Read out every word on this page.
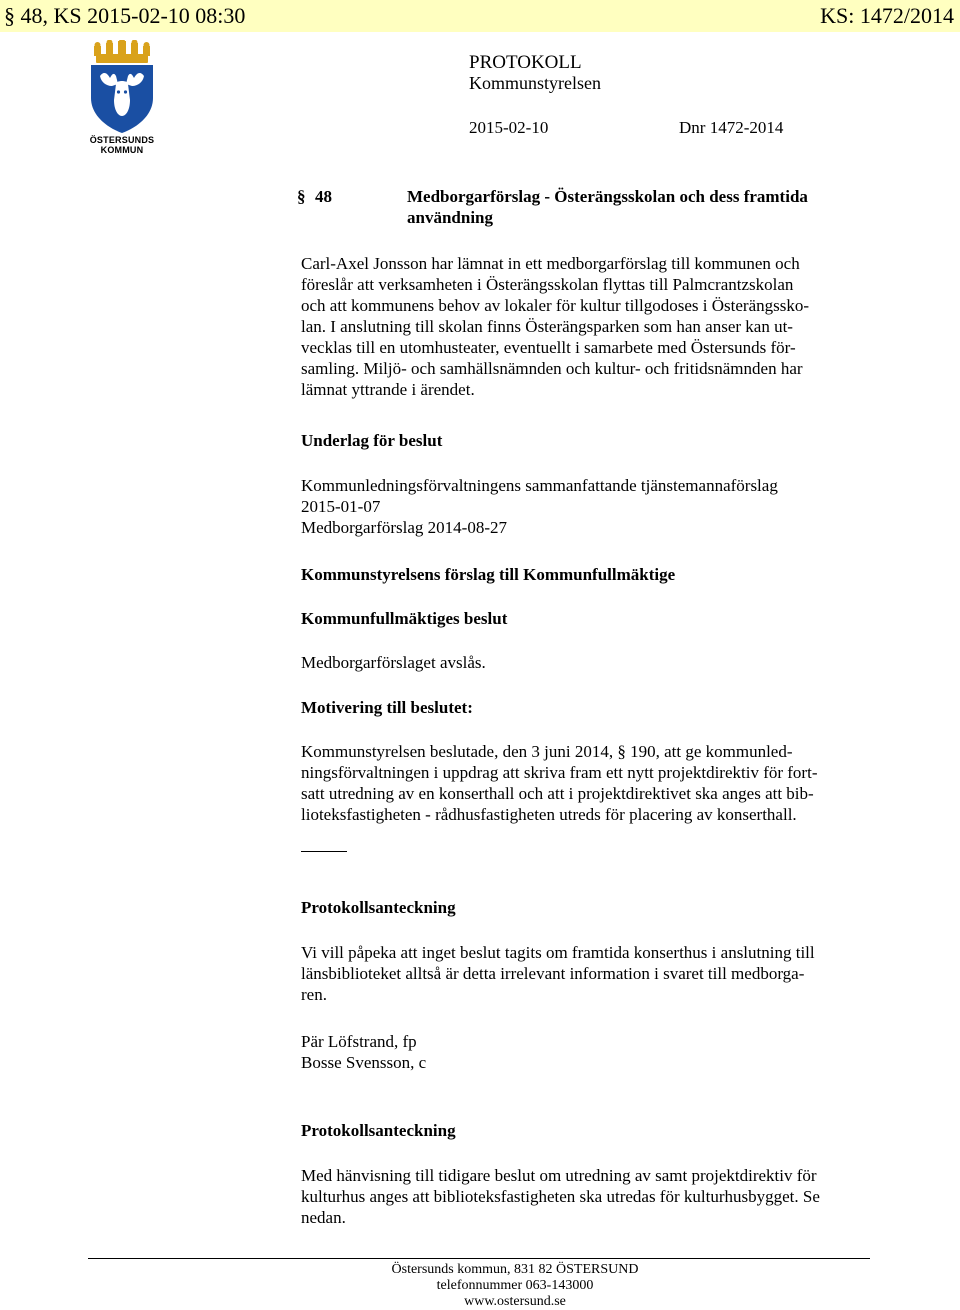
§ 48, KS 2015-02-10 08:30	KS: 1472/2014
ÖSTERSUNDS
KOMMUN
PROTOKOLL
Kommunstyrelsen
2015-02-10	Dnr 1472-2014
§ 48	Medborgarförslag - Österängsskolan och dess framtida användning

Carl-Axel Jonsson har lämnat in ett medborgarförslag till kommunen och

föreslår att verksamheten i Österängsskolan flyttas till Palmcrantzskolan

och att kommunens behov av lokaler för kultur tillgodoses i Österängssko-

lan. I anslutning till skolan finns Österängsparken som han anser kan ut-

vecklas till en utomhusteater, eventuellt i samarbete med Östersunds för-

samling. Miljö- och samhällsnämnden och kultur- och fritidsnämnden har

lämnat yttrande i ärendet.

Underlag för beslut

Kommunledningsförvaltningens sammanfattande tjänstemannaförslag

2015-01-07

Medborgarförslag 2014-08-27

Kommunstyrelsens förslag till Kommunfullmäktige

Kommunfullmäktiges beslut

Medborgarförslaget avslås.

Motivering till beslutet:

Kommunstyrelsen beslutade, den 3 juni 2014, § 190, att ge kommunled-

ningsförvaltningen i uppdrag att skriva fram ett nytt projektdirektiv för fort-

satt utredning av en konserthall och att i projektdirektivet ska anges att bib-

lioteksfastigheten - rådhusfastigheten utreds för placering av konserthall.

Protokollsanteckning

Vi vill påpeka att inget beslut tagits om framtida konserthus i anslutning till

länsbiblioteket alltså är detta irrelevant information i svaret till medborga-

ren.

Pär Löfstrand, fp

Bosse Svensson, c

Protokollsanteckning

Med hänvisning till tidigare beslut om utredning av samt projektdirektiv för

kulturhus anges att biblioteksfastigheten ska utredas för kulturhusbygget. Se

nedan.

Östersunds kommun, 831 82 ÖSTERSUND
telefonnummer 063-143000
www.ostersund.se
